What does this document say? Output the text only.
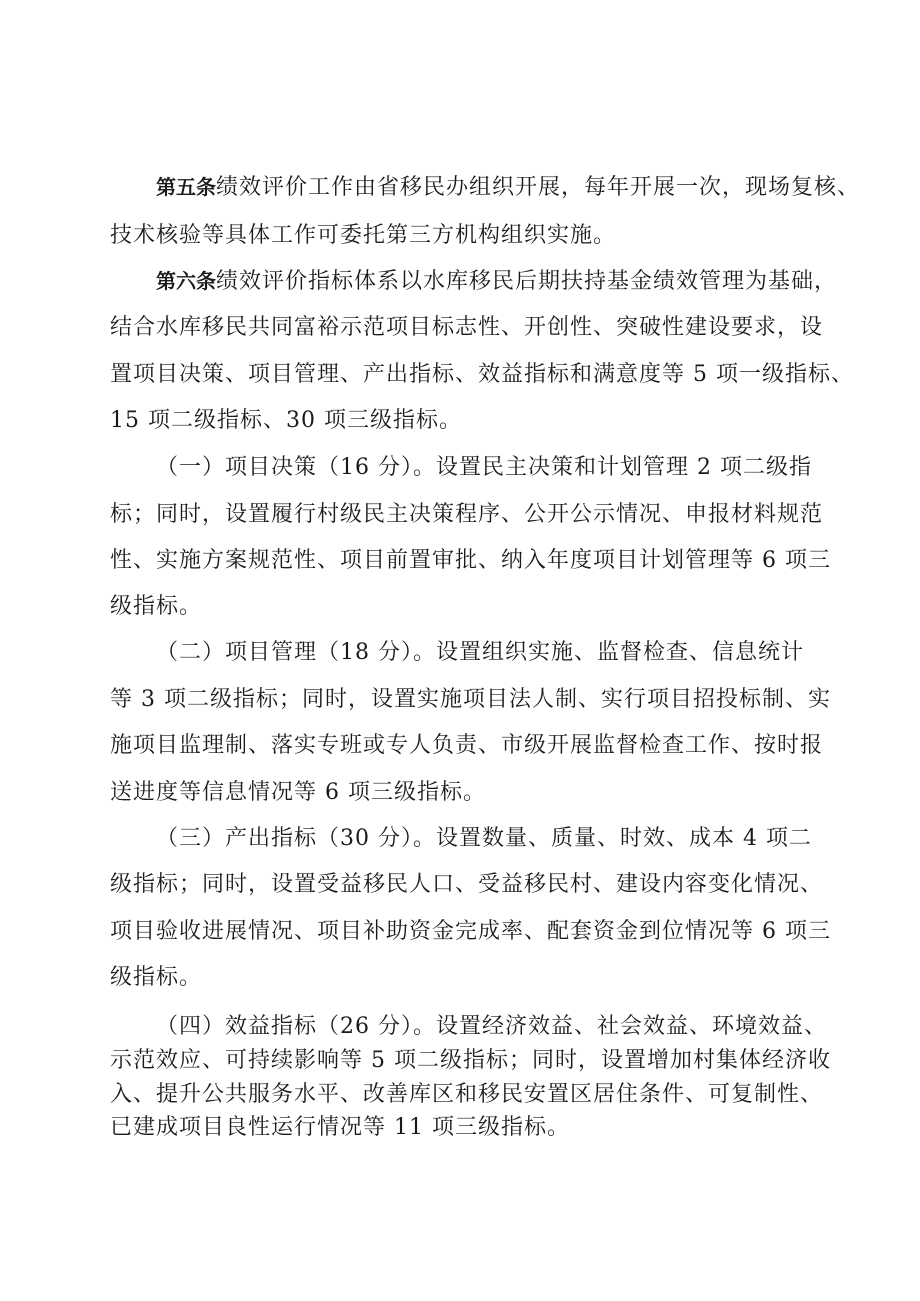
第五条绩效评价工作由省移民办组织开展，每年开展一次，现场复核、

技术核验等具体工作可委托第三方机构组织实施。

第六条绩效评价指标体系以水库移民后期扶持基金绩效管理为基础，

结合水库移民共同富裕示范项目标志性、开创性、突破性建设要求，设

置项目决策、项目管理、产出指标、效益指标和满意度等 5 项一级指标、

15 项二级指标、30 项三级指标。

（一）项目决策（16 分）。设置民主决策和计划管理 2 项二级指

标；同时，设置履行村级民主决策程序、公开公示情况、申报材料规范

性、实施方案规范性、项目前置审批、纳入年度项目计划管理等 6 项三

级指标。

（二）项目管理（18 分）。设置组织实施、监督检查、信息统计

等 3 项二级指标；同时，设置实施项目法人制、实行项目招投标制、实

施项目监理制、落实专班或专人负责、市级开展监督检查工作、按时报

送进度等信息情况等 6 项三级指标。

（三）产出指标（30 分）。设置数量、质量、时效、成本 4 项二

级指标；同时，设置受益移民人口、受益移民村、建设内容变化情况、

项目验收进展情况、项目补助资金完成率、配套资金到位情况等 6 项三

级指标。

（四）效益指标（26 分）。设置经济效益、社会效益、环境效益、

示范效应、可持续影响等 5 项二级指标；同时，设置增加村集体经济收

入、提升公共服务水平、改善库区和移民安置区居住条件、可复制性、

已建成项目良性运行情况等 11 项三级指标。
